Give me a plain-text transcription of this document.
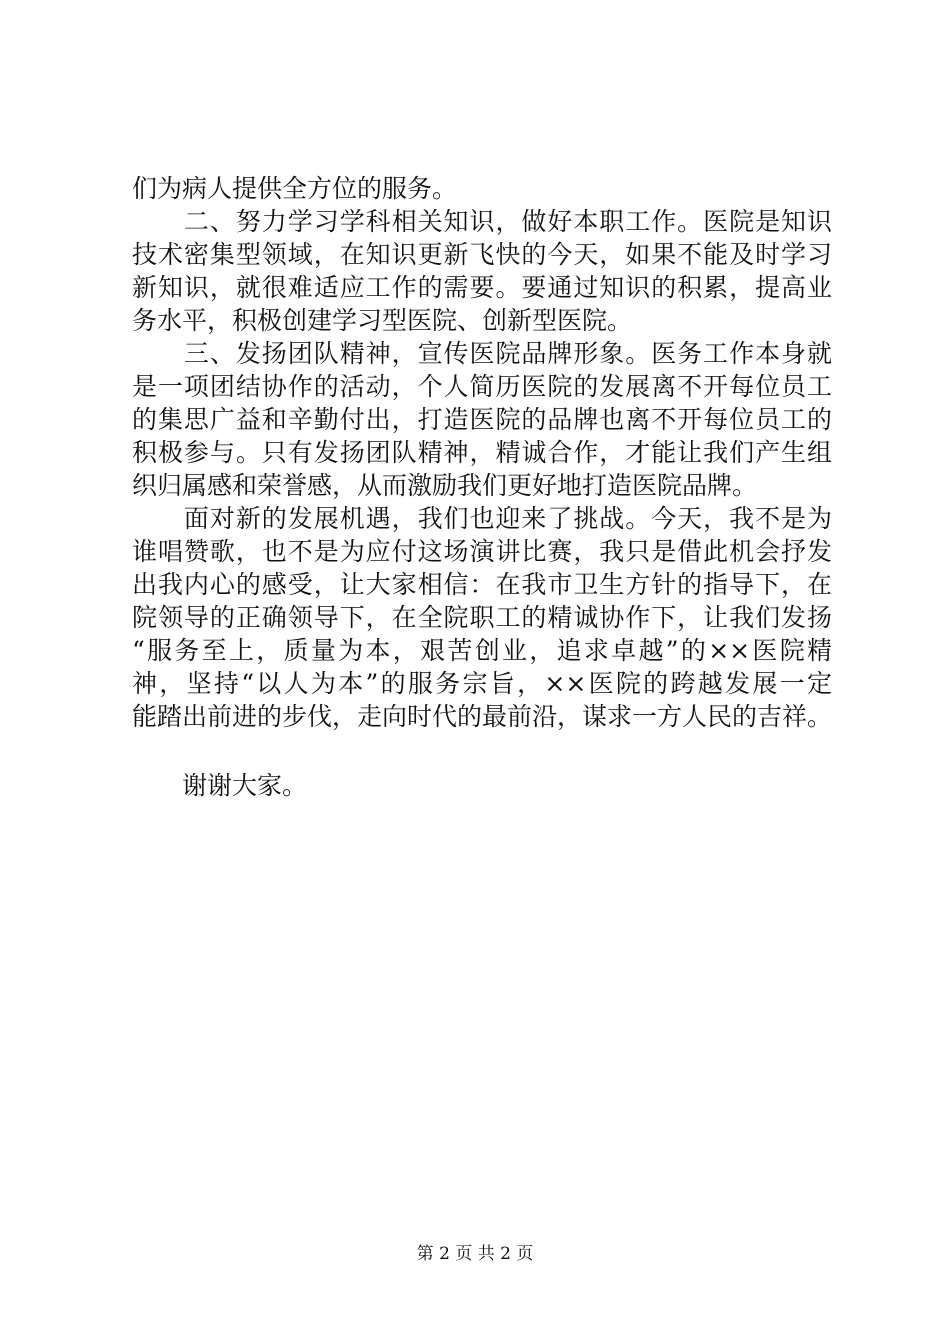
们为病人提供全方位的服务。
　　二、努力学习学科相关知识，做好本职工作。医院是知识
技术密集型领域，在知识更新飞快的今天，如果不能及时学习
新知识，就很难适应工作的需要。要通过知识的积累，提高业
务水平，积极创建学习型医院、创新型医院。
　　三、发扬团队精神，宣传医院品牌形象。医务工作本身就
是一项团结协作的活动，个人简历医院的发展离不开每位员工
的集思广益和辛勤付出，打造医院的品牌也离不开每位员工的
积极参与。只有发扬团队精神，精诚合作，才能让我们产生组
织归属感和荣誉感，从而激励我们更好地打造医院品牌。
　　面对新的发展机遇，我们也迎来了挑战。今天，我不是为
谁唱赞歌，也不是为应付这场演讲比赛，我只是借此机会抒发
出我内心的感受，让大家相信：在我市卫生方针的指导下，在
院领导的正确领导下，在全院职工的精诚协作下，让我们发扬
“服务至上，质量为本，艰苦创业，追求卓越”的××医院精
神，坚持“以人为本”的服务宗旨，××医院的跨越发展一定
能踏出前进的步伐，走向时代的最前沿，谋求一方人民的吉祥。
谢谢大家。
第 2 页 共 2 页
